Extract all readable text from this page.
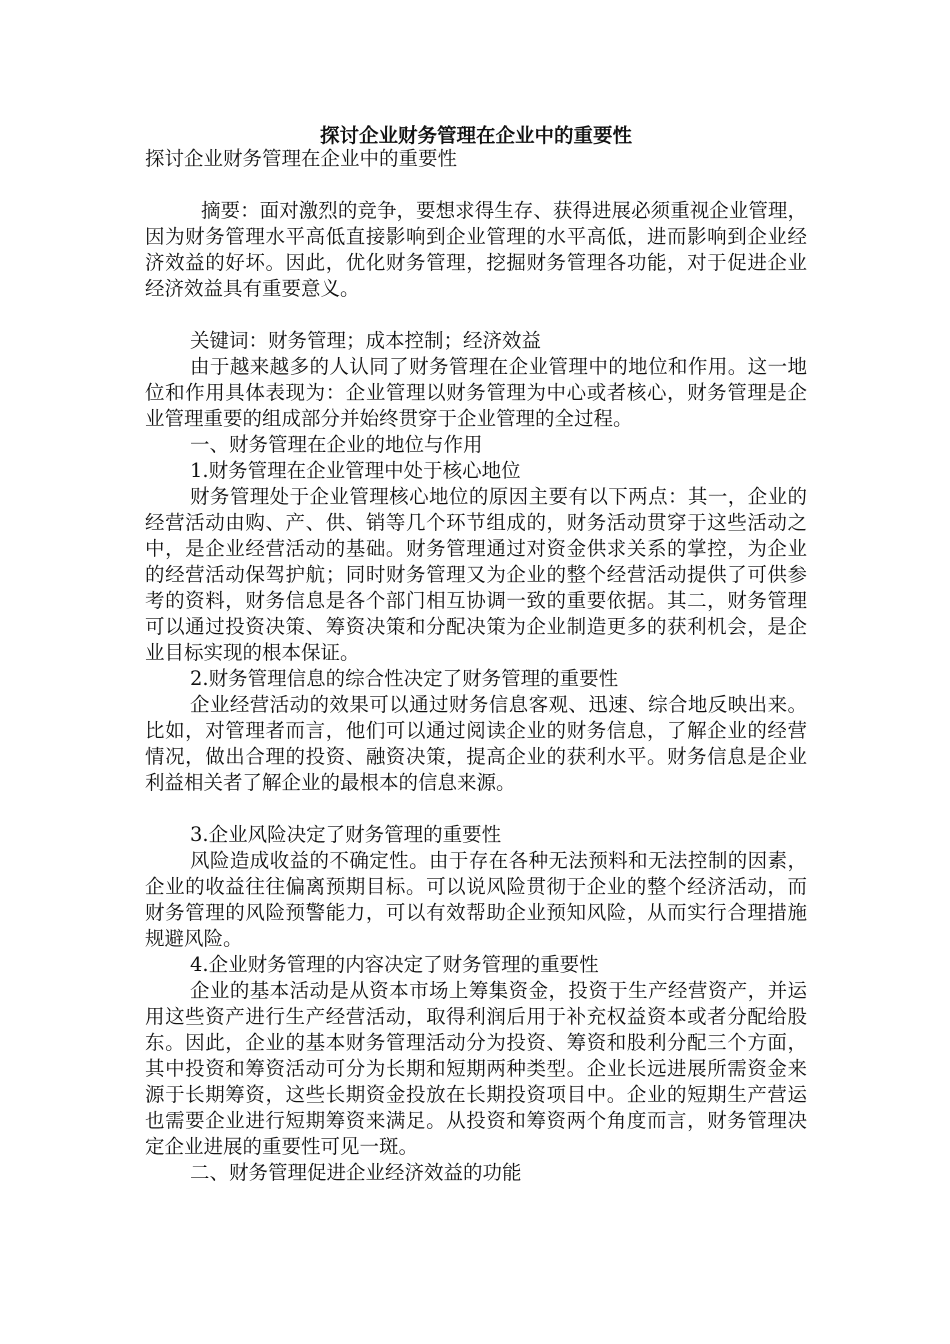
探讨企业财务管理在企业中的重要性

探讨企业财务管理在企业中的重要性

摘要：面对激烈的竞争，要想求得生存、获得进展必须重视企业管理，因为财务管理水平高低直接影响到企业管理的水平高低，进而影响到企业经济效益的好坏。因此，优化财务管理，挖掘财务管理各功能，对于促进企业经济效益具有重要意义。

关键词：财务管理；成本控制；经济效益

由于越来越多的人认同了财务管理在企业管理中的地位和作用。这一地位和作用具体表现为：企业管理以财务管理为中心或者核心，财务管理是企业管理重要的组成部分并始终贯穿于企业管理的全过程。

一、财务管理在企业的地位与作用

1.财务管理在企业管理中处于核心地位

财务管理处于企业管理核心地位的原因主要有以下两点：其一，企业的经营活动由购、产、供、销等几个环节组成的，财务活动贯穿于这些活动之中，是企业经营活动的基础。财务管理通过对资金供求关系的掌控，为企业的经营活动保驾护航；同时财务管理又为企业的整个经营活动提供了可供参考的资料，财务信息是各个部门相互协调一致的重要依据。其二，财务管理可以通过投资决策、筹资决策和分配决策为企业制造更多的获利机会，是企业目标实现的根本保证。

2.财务管理信息的综合性决定了财务管理的重要性

企业经营活动的效果可以通过财务信息客观、迅速、综合地反映出来。比如，对管理者而言，他们可以通过阅读企业的财务信息，了解企业的经营情况，做出合理的投资、融资决策，提高企业的获利水平。财务信息是企业利益相关者了解企业的最根本的信息来源。

3.企业风险决定了财务管理的重要性

风险造成收益的不确定性。由于存在各种无法预料和无法控制的因素，企业的收益往往偏离预期目标。可以说风险贯彻于企业的整个经济活动，而财务管理的风险预警能力，可以有效帮助企业预知风险，从而实行合理措施规避风险。

4.企业财务管理的内容决定了财务管理的重要性

企业的基本活动是从资本市场上筹集资金，投资于生产经营资产，并运用这些资产进行生产经营活动，取得利润后用于补充权益资本或者分配给股东。因此，企业的基本财务管理活动分为投资、筹资和股利分配三个方面，其中投资和筹资活动可分为长期和短期两种类型。企业长远进展所需资金来源于长期筹资，这些长期资金投放在长期投资项目中。企业的短期生产营运也需要企业进行短期筹资来满足。从投资和筹资两个角度而言，财务管理决定企业进展的重要性可见一斑。

二、财务管理促进企业经济效益的功能
